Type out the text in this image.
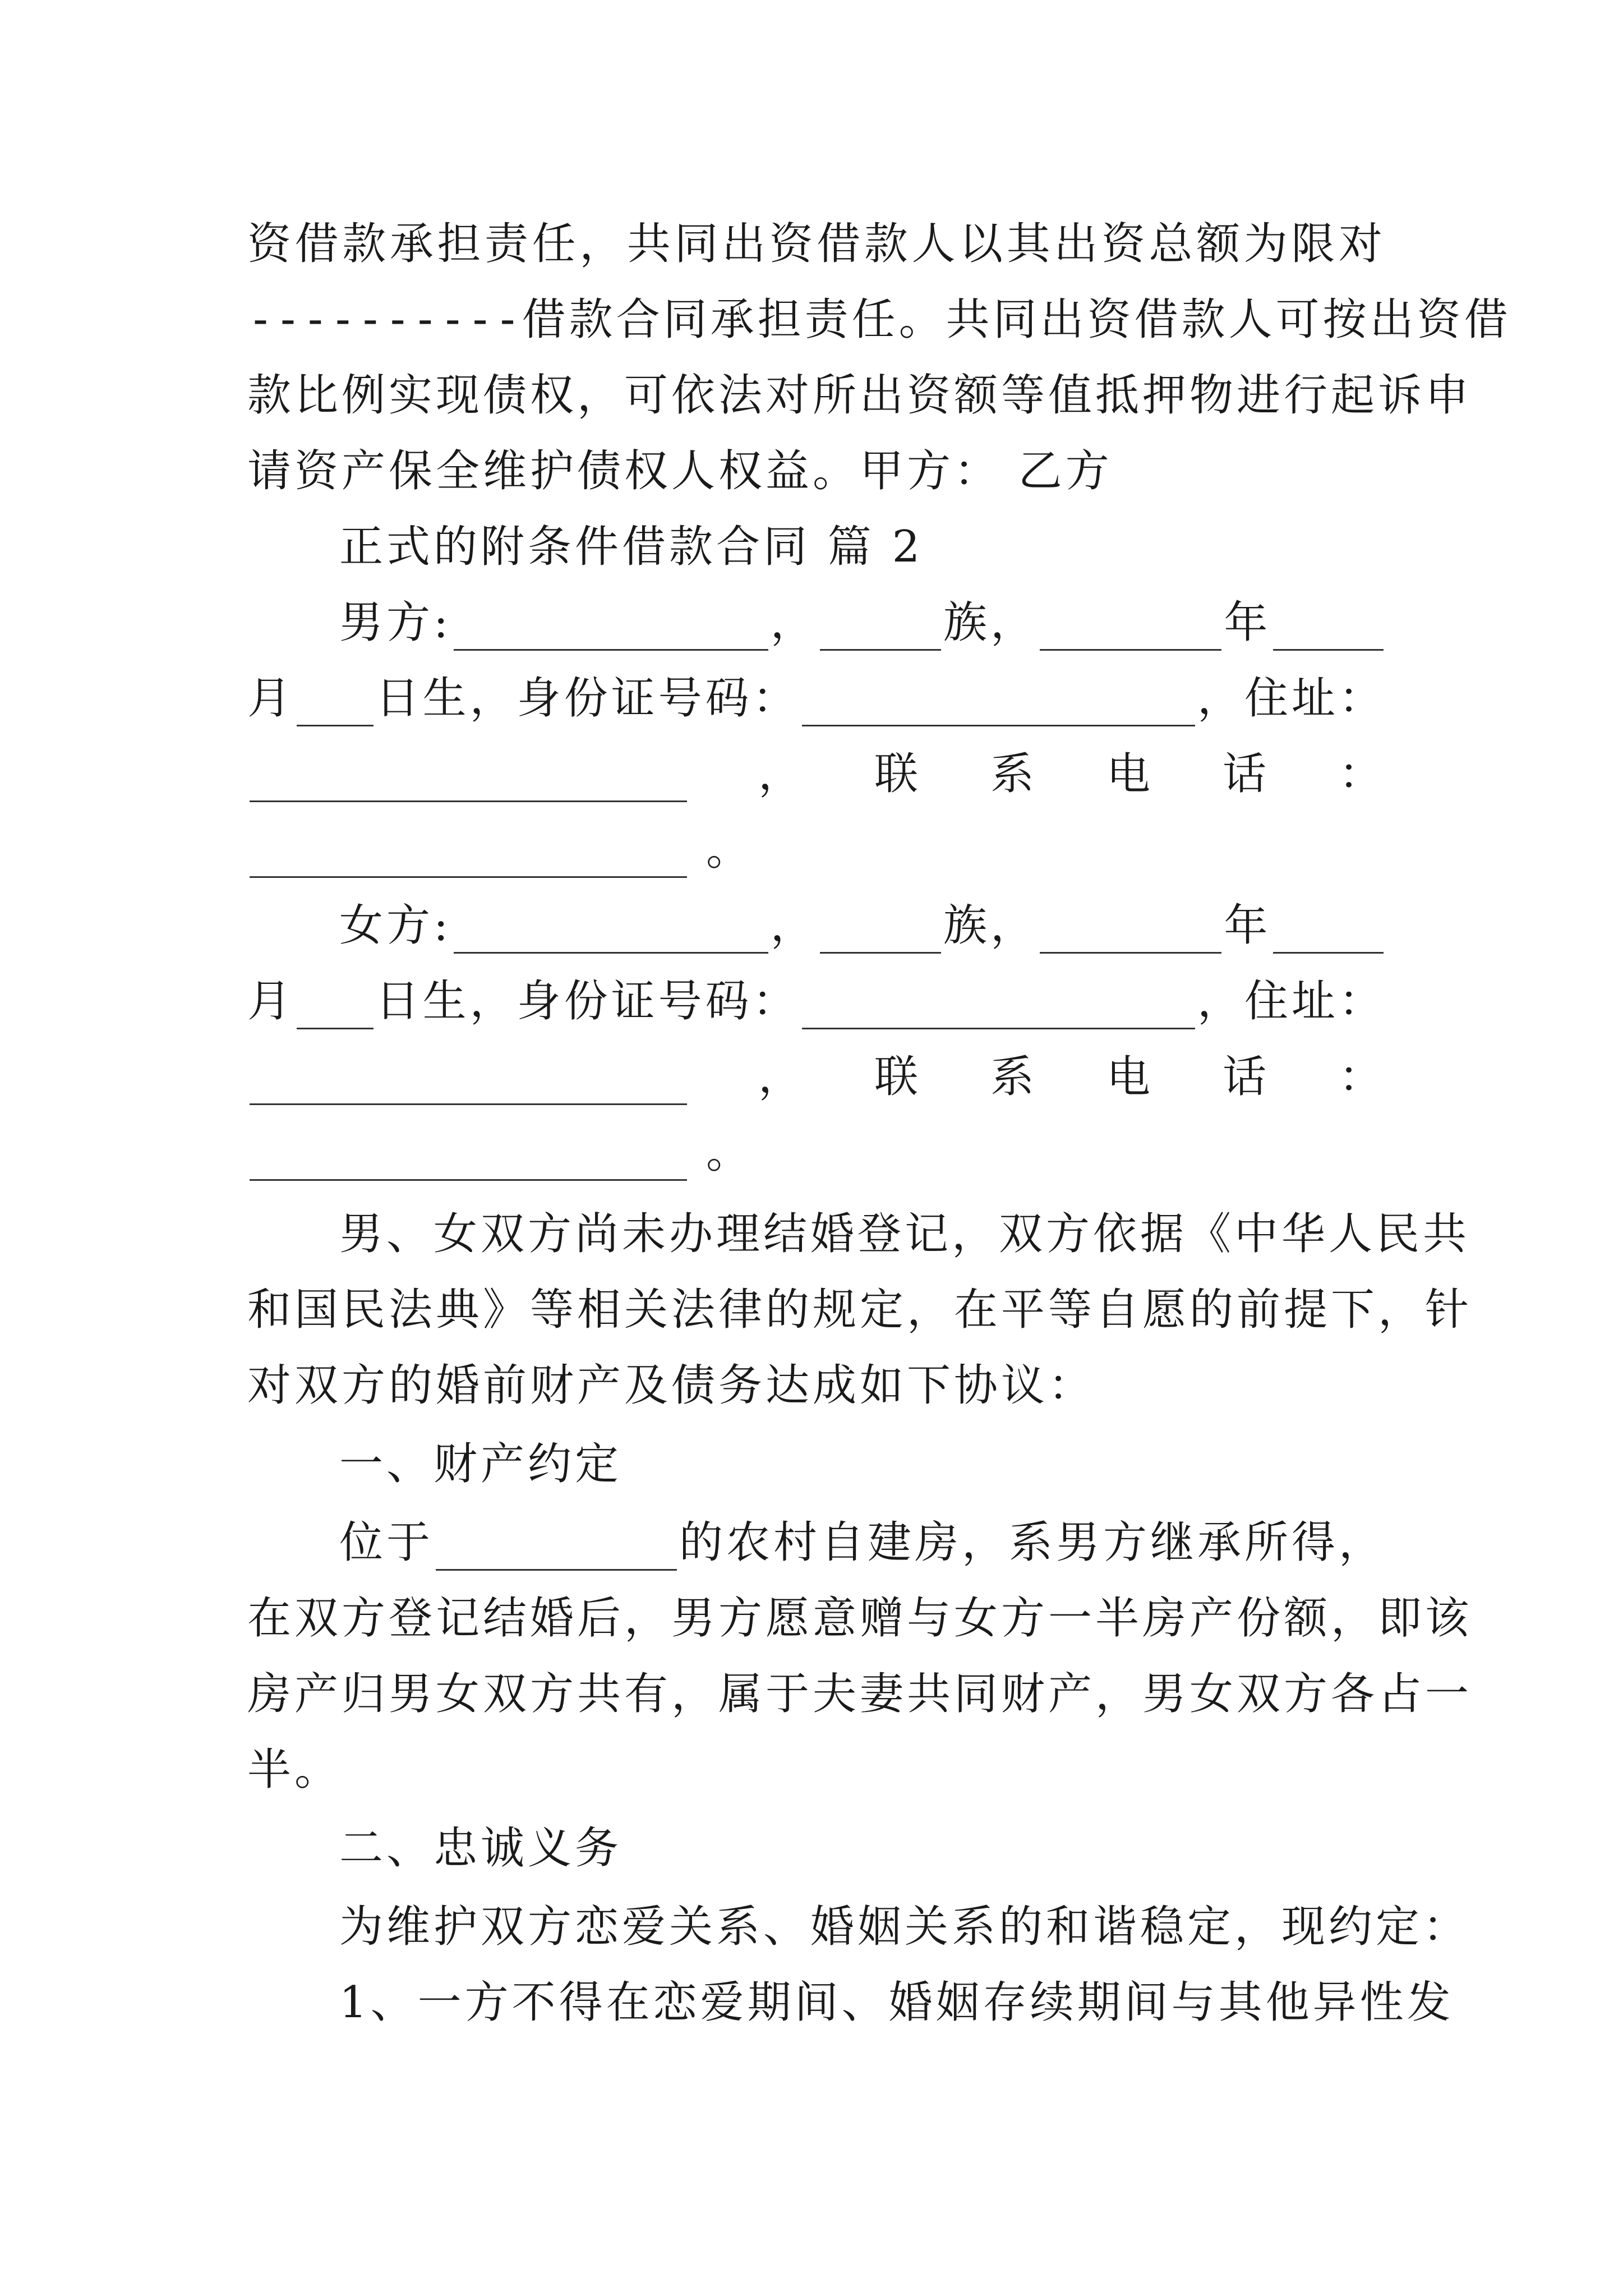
资借款承担责任，共同出资借款人以其出资总额为限对
----------借款合同承担责任。共同出资借款人可按出资借
款比例实现债权，可依法对所出资额等值抵押物进行起诉申
请资产保全维护债权人权益。甲方： 乙方
正式的附条件借款合同 篇 2
男方:	，	族，	年
月 日生，身份证号码：	，住址：
， 联 系 电 话 ：
。
女方:	，	族，	年
月 日生，身份证号码：	，住址：
， 联 系 电 话 ：
。
男、女双方尚未办理结婚登记，双方依据《中华人民共
和国民法典》等相关法律的规定，在平等自愿的前提下，针
对双方的婚前财产及债务达成如下协议：
一、财产约定
位于	的农村自建房，系男方继承所得，
在双方登记结婚后，男方愿意赠与女方一半房产份额，即该
房产归男女双方共有，属于夫妻共同财产，男女双方各占一
半。
二、忠诚义务
为维护双方恋爱关系、婚姻关系的和谐稳定，现约定：
1、一方不得在恋爱期间、婚姻存续期间与其他异性发
